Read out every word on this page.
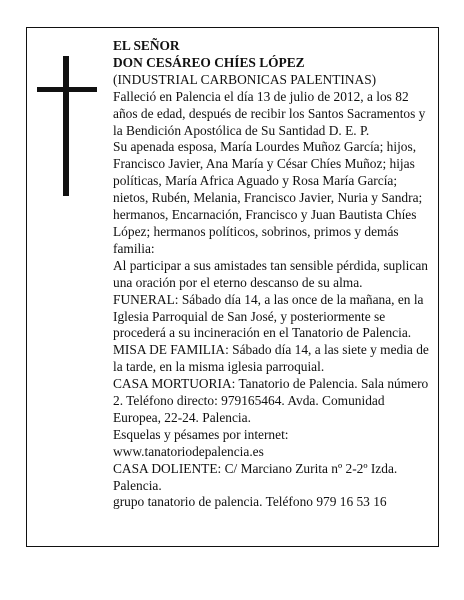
EL SEÑOR

DON CESÁREO CHÍES LÓPEZ

(INDUSTRIAL CARBONICAS PALENTINAS)

Falleció en Palencia el día 13 de julio de 2012, a los 82 años de edad, después de recibir los Santos Sacramentos y la Bendición Apostólica de Su Santidad D. E. P.

Su apenada esposa, María Lourdes Muñoz García; hijos, Francisco Javier, Ana María y César Chíes Muñoz; hijas políticas, María Africa Aguado y Rosa María García; nietos, Rubén, Melania, Francisco Javier, Nuria y Sandra; hermanos, Encarnación, Francisco y Juan Bautista Chíes López; hermanos políticos, sobrinos, primos y demás familia:

Al participar a sus amistades tan sensible pérdida, suplican una oración por el eterno descanso de su alma.

FUNERAL: Sábado día 14, a las once de la mañana, en la Iglesia Parroquial de San José, y posteriormente se procederá a su incineración en el Tanatorio de Palencia.

MISA DE FAMILIA: Sábado día 14, a las siete y media de la tarde, en la misma iglesia parroquial.

CASA MORTUORIA: Tanatorio de Palencia. Sala número 2. Teléfono directo: 979165464. Avda. Comunidad Europea, 22-24. Palencia.

Esquelas y pésames por internet:

www.tanatoriodepalencia.es

CASA DOLIENTE: C/ Marciano Zurita nº 2-2º Izda. Palencia.

grupo tanatorio de palencia. Teléfono 979 16 53 16
